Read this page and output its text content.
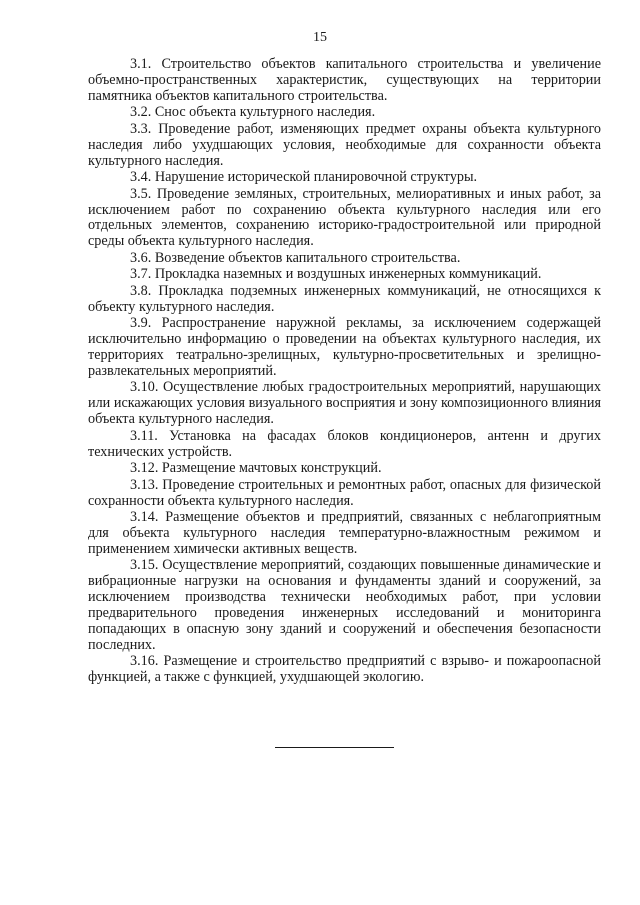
15

3.1. Строительство объектов капитального строительства и увеличение объемно-пространственных характеристик, существующих на территории памятника объектов капитального строительства.

3.2. Снос объекта культурного наследия.

3.3. Проведение работ, изменяющих предмет охраны объекта культурного наследия либо ухудшающих условия, необходимые для сохранности объекта культурного наследия.

3.4. Нарушение исторической планировочной структуры.

3.5. Проведение земляных, строительных, мелиоративных и иных работ, за исключением работ по сохранению объекта культурного наследия или его отдельных элементов, сохранению историко-градостроительной или природной среды объекта культурного наследия.

3.6. Возведение объектов капитального строительства.

3.7. Прокладка наземных и воздушных инженерных коммуникаций.

3.8. Прокладка подземных инженерных коммуникаций, не относящихся к объекту культурного наследия.

3.9. Распространение наружной рекламы, за исключением содержащей исключительно информацию о проведении на объектах культурного наследия, их территориях театрально-зрелищных, культурно-просветительных и зрелищно-развлекательных мероприятий.

3.10. Осуществление любых градостроительных мероприятий, нарушающих или искажающих условия визуального восприятия и зону композиционного влияния объекта культурного наследия.

3.11. Установка на фасадах блоков кондиционеров, антенн и других технических устройств.

3.12. Размещение мачтовых конструкций.

3.13. Проведение строительных и ремонтных работ, опасных для физической сохранности объекта культурного наследия.

3.14. Размещение объектов и предприятий, связанных с неблагоприятным для объекта культурного наследия температурно-влажностным режимом и применением химически активных веществ.

3.15. Осуществление мероприятий, создающих повышенные динамические и вибрационные нагрузки на основания и фундаменты зданий и сооружений, за исключением производства технически необходимых работ, при условии предварительного проведения инженерных исследований и мониторинга попадающих в опасную зону зданий и сооружений и обеспечения безопасности последних.

3.16. Размещение и строительство предприятий с взрыво- и пожароопасной функцией, а также с функцией, ухудшающей экологию.
